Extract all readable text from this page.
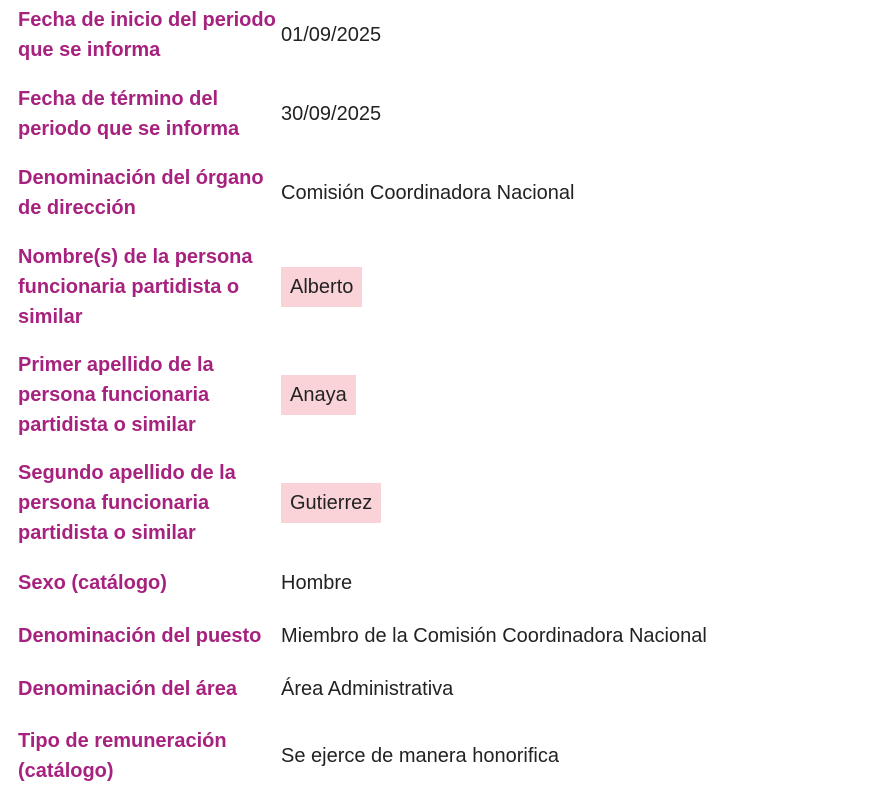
Fecha de inicio del periodo que se informa
01/09/2025
Fecha de término del periodo que se informa
30/09/2025
Denominación del órgano de dirección
Comisión Coordinadora Nacional
Nombre(s) de la persona funcionaria partidista o similar
Alberto
Primer apellido de la persona funcionaria partidista o similar
Anaya
Segundo apellido de la persona funcionaria partidista o similar
Gutierrez
Sexo (catálogo)	Hombre
Denominación del puesto Miembro de la Comisión Coordinadora Nacional
Denominación del área	Área Administrativa
Tipo de remuneración (catálogo)
Se ejerce de manera honorifica
